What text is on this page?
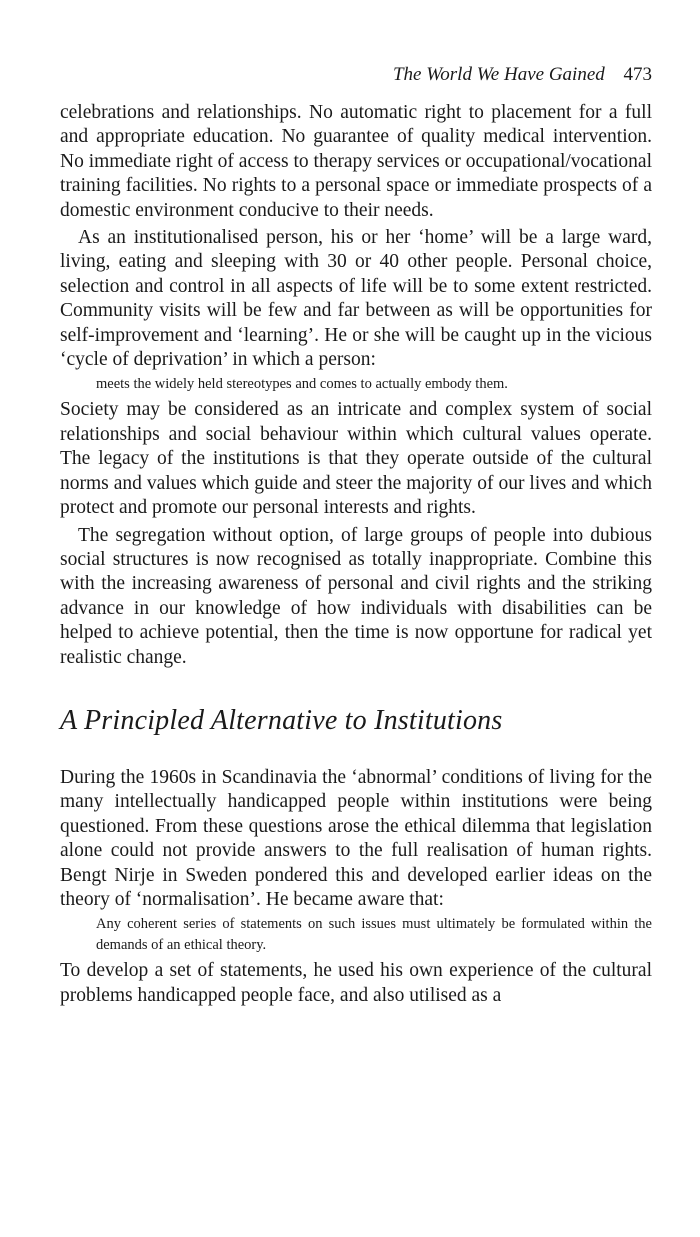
The World We Have Gained 473

celebrations and relationships. No automatic right to placement for a full and appropriate education. No guarantee of quality medical intervention. No immediate right of access to therapy services or occupational/vocational training facilities. No rights to a personal space or immediate prospects of a domestic environment conducive to their needs.

As an institutionalised person, his or her ‘home’ will be a large ward, living, eating and sleeping with 30 or 40 other people. Personal choice, selection and control in all aspects of life will be to some extent restricted. Community visits will be few and far between as will be opportunities for self-improvement and ‘learning’. He or she will be caught up in the vicious ‘cycle of deprivation’ in which a person:

meets the widely held stereotypes and comes to actually embody them.

Society may be considered as an intricate and complex system of social relationships and social behaviour within which cultural values operate. The legacy of the institutions is that they operate outside of the cultural norms and values which guide and steer the majority of our lives and which protect and promote our personal interests and rights.

The segregation without option, of large groups of people into dubious social structures is now recognised as totally inappropriate. Combine this with the increasing awareness of personal and civil rights and the striking advance in our knowledge of how individuals with disabilities can be helped to achieve potential, then the time is now opportune for radical yet realistic change.

A Principled Alternative to Institutions

During the 1960s in Scandinavia the ‘abnormal’ conditions of living for the many intellectually handicapped people within institutions were being questioned. From these questions arose the ethical dilemma that legislation alone could not provide answers to the full realisation of human rights. Bengt Nirje in Sweden pondered this and developed earlier ideas on the theory of ‘normalisation’. He became aware that:

Any coherent series of statements on such issues must ultimately be formulated within the demands of an ethical theory.

To develop a set of statements, he used his own experience of the cultural problems handicapped people face, and also utilised as a
